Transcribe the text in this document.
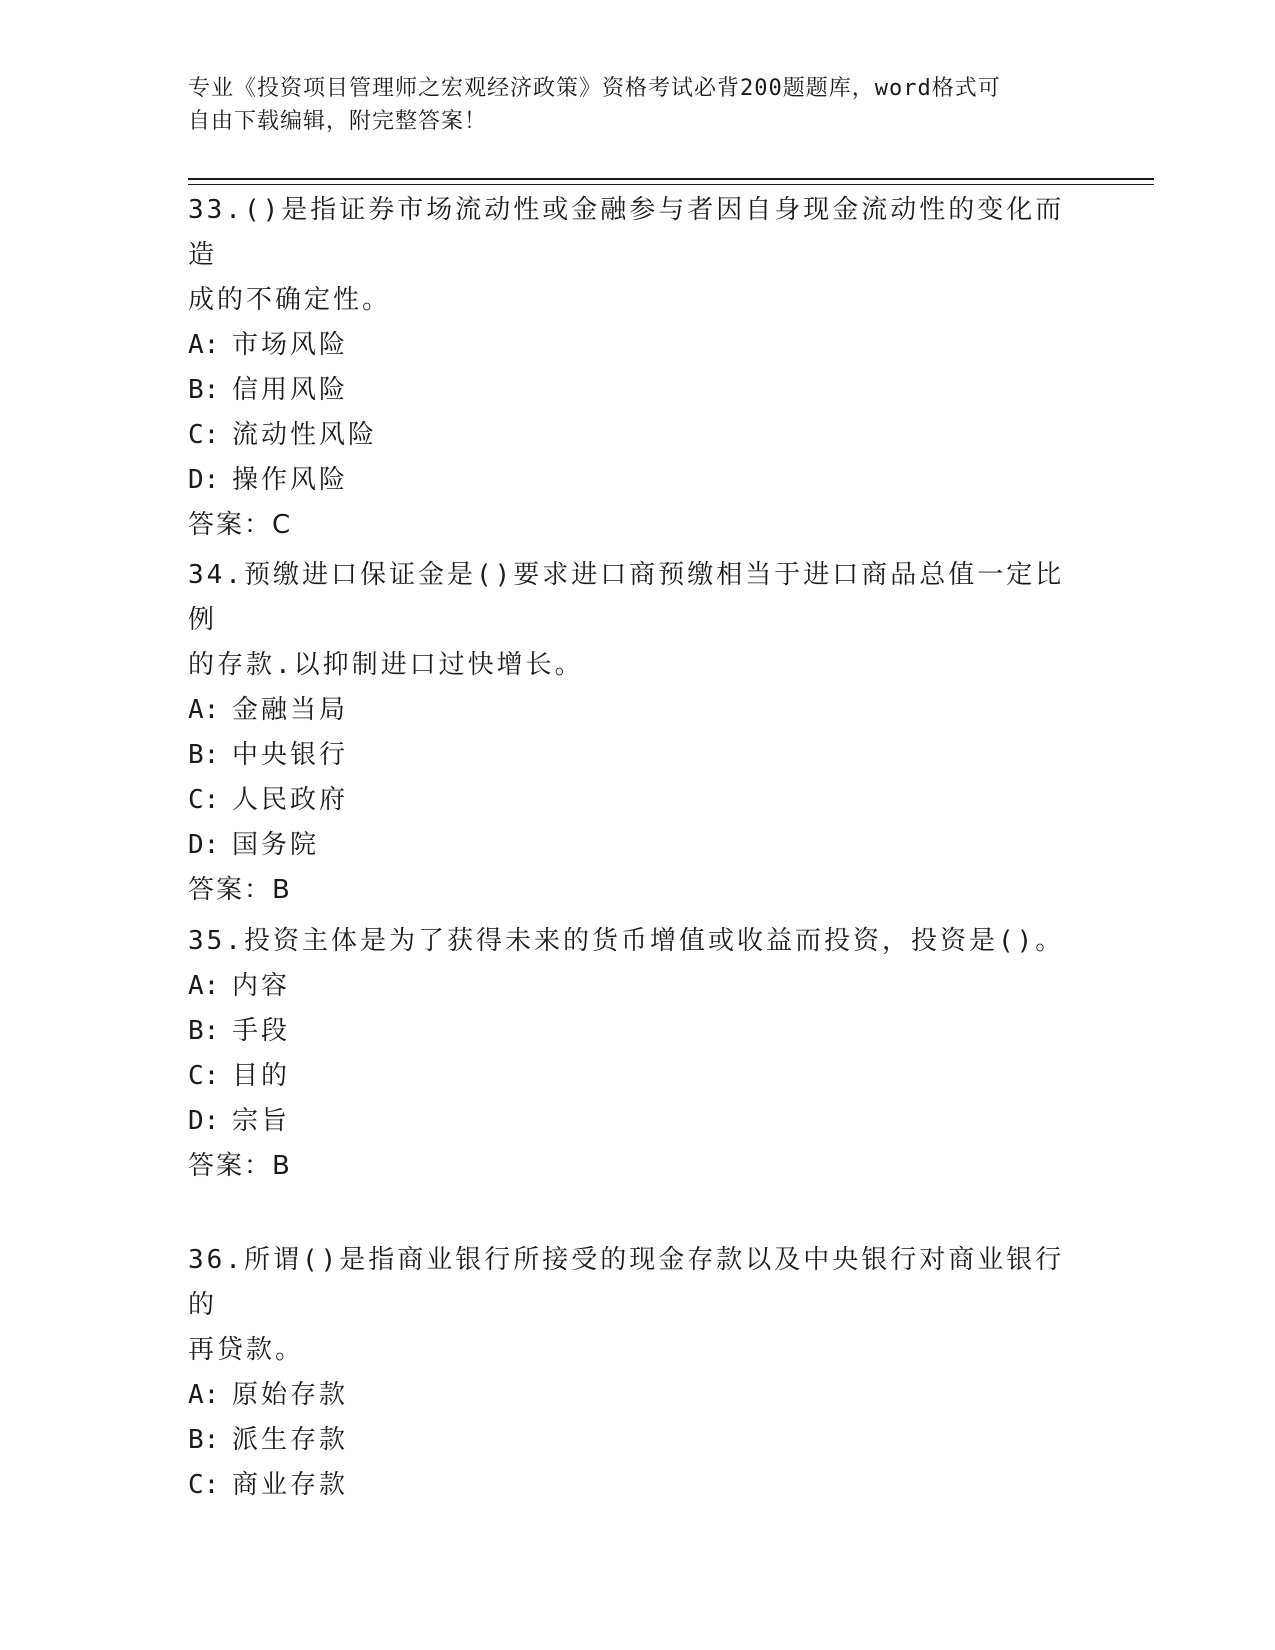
专业《投资项目管理师之宏观经济政策》资格考试必背200题题库，word格式可
自由下载编辑，附完整答案！

33.()是指证券市场流动性或金融参与者因自身现金流动性的变化而造

成的不确定性。

A: 市场风险

B: 信用风险

C: 流动性风险

D: 操作风险

答案：C

34.预缴进口保证金是()要求进口商预缴相当于进口商品总值一定比例

的存款.以抑制进口过快增长。

A: 金融当局

B: 中央银行

C: 人民政府

D: 国务院

答案：B

35.投资主体是为了获得未来的货币增值或收益而投资，投资是()。

A: 内容

B: 手段

C: 目的

D: 宗旨

答案：B

36.所谓()是指商业银行所接受的现金存款以及中央银行对商业银行的

再贷款。

A: 原始存款

B: 派生存款

C: 商业存款
